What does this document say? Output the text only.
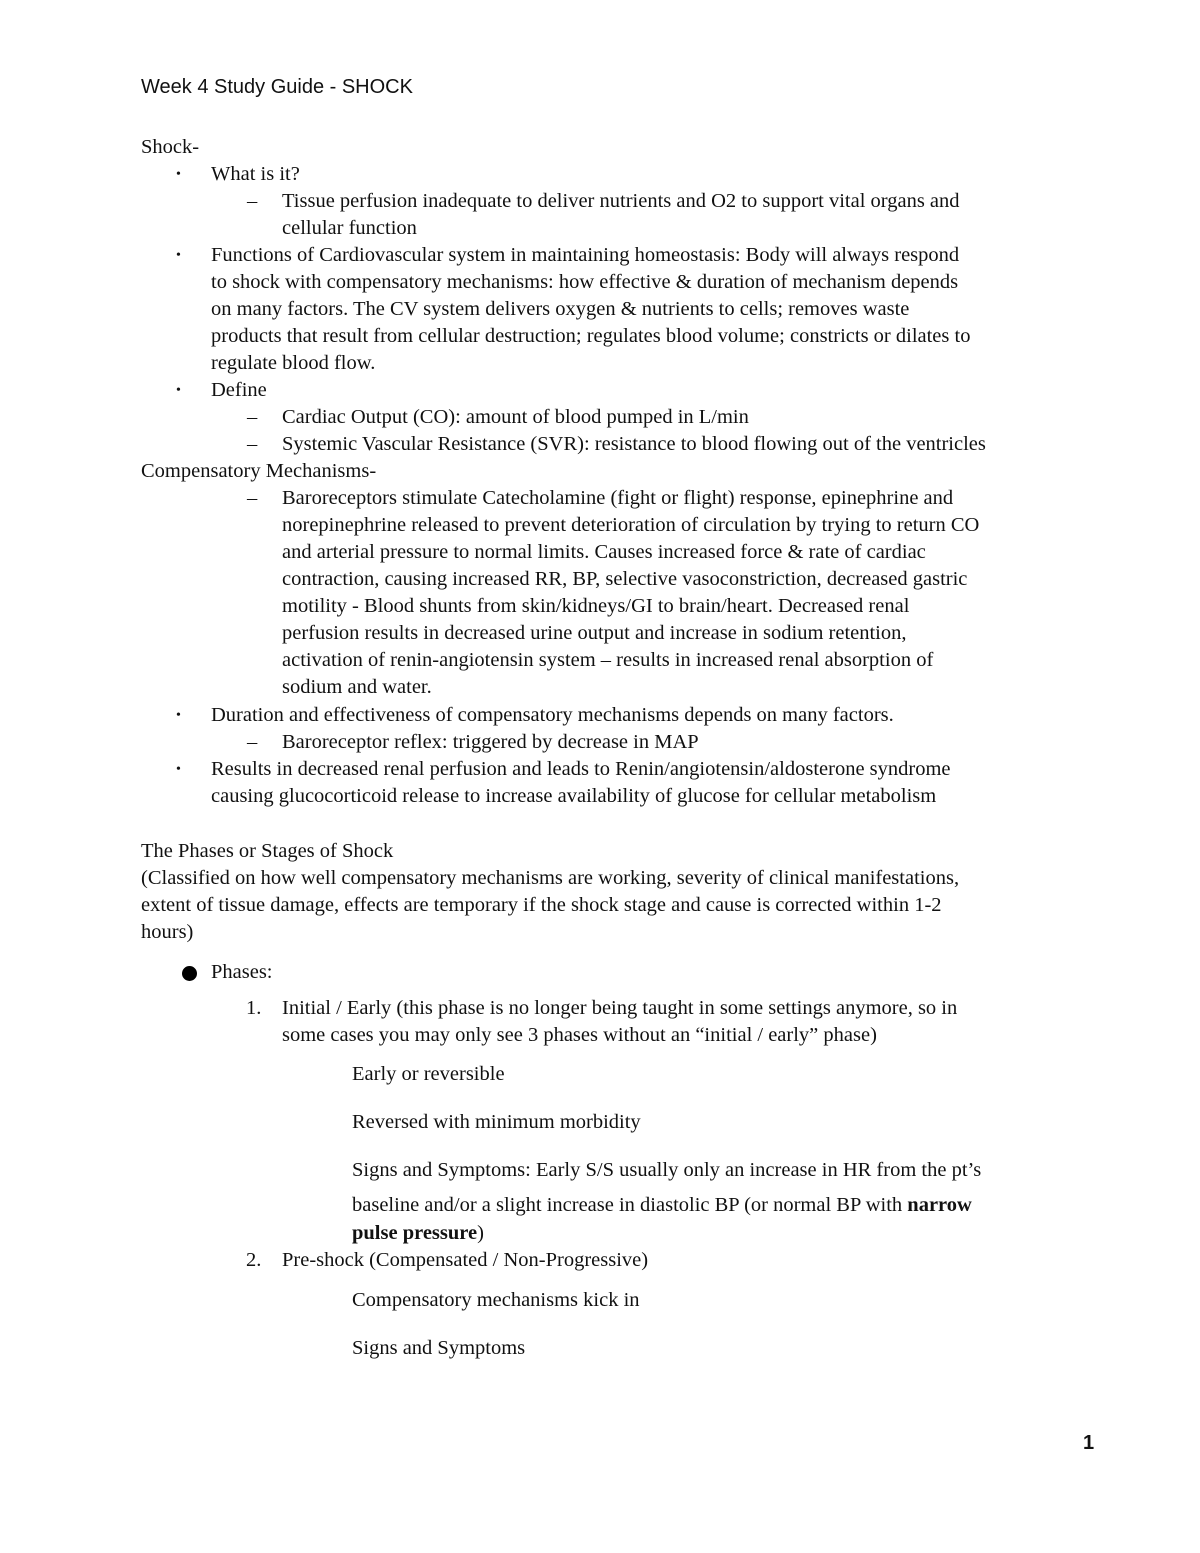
Week 4 Study Guide - SHOCK
Shock-
• What is it?
– Tissue perfusion inadequate to deliver nutrients and O2 to support vital organs and
cellular function
• Functions of Cardiovascular system in maintaining homeostasis: Body will always respond
to shock with compensatory mechanisms: how effective & duration of mechanism depends
on many factors. The CV system delivers oxygen & nutrients to cells; removes waste
products that result from cellular destruction; regulates blood volume; constricts or dilates to
regulate blood flow.
• Define
– Cardiac Output (CO): amount of blood pumped in L/min
– Systemic Vascular Resistance (SVR): resistance to blood flowing out of the ventricles
Compensatory Mechanisms-
– Baroreceptors stimulate Catecholamine (fight or flight) response, epinephrine and
norepinephrine released to prevent deterioration of circulation by trying to return CO
and arterial pressure to normal limits. Causes increased force & rate of cardiac
contraction, causing increased RR, BP, selective vasoconstriction, decreased gastric
motility - Blood shunts from skin/kidneys/GI to brain/heart. Decreased renal
perfusion results in decreased urine output and increase in sodium retention,
activation of renin-angiotensin system – results in increased renal absorption of
sodium and water.
• Duration and effectiveness of compensatory mechanisms depends on many factors.
– Baroreceptor reflex: triggered by decrease in MAP
• Results in decreased renal perfusion and leads to Renin/angiotensin/aldosterone syndrome
causing glucocorticoid release to increase availability of glucose for cellular metabolism
The Phases or Stages of Shock
(Classified on how well compensatory mechanisms are working, severity of clinical manifestations,
extent of tissue damage, effects are temporary if the shock stage and cause is corrected within 1-2
hours)
Phases:
1. Initial / Early (this phase is no longer being taught in some settings anymore, so in
some cases you may only see 3 phases without an “initial / early” phase)
Early or reversible
Reversed with minimum morbidity
Signs and Symptoms: Early S/S usually only an increase in HR from the pt’s
baseline and/or a slight increase in diastolic BP (or normal BP with narrow
pulse pressure)
2. Pre-shock (Compensated / Non-Progressive)
Compensatory mechanisms kick in
Signs and Symptoms
1
